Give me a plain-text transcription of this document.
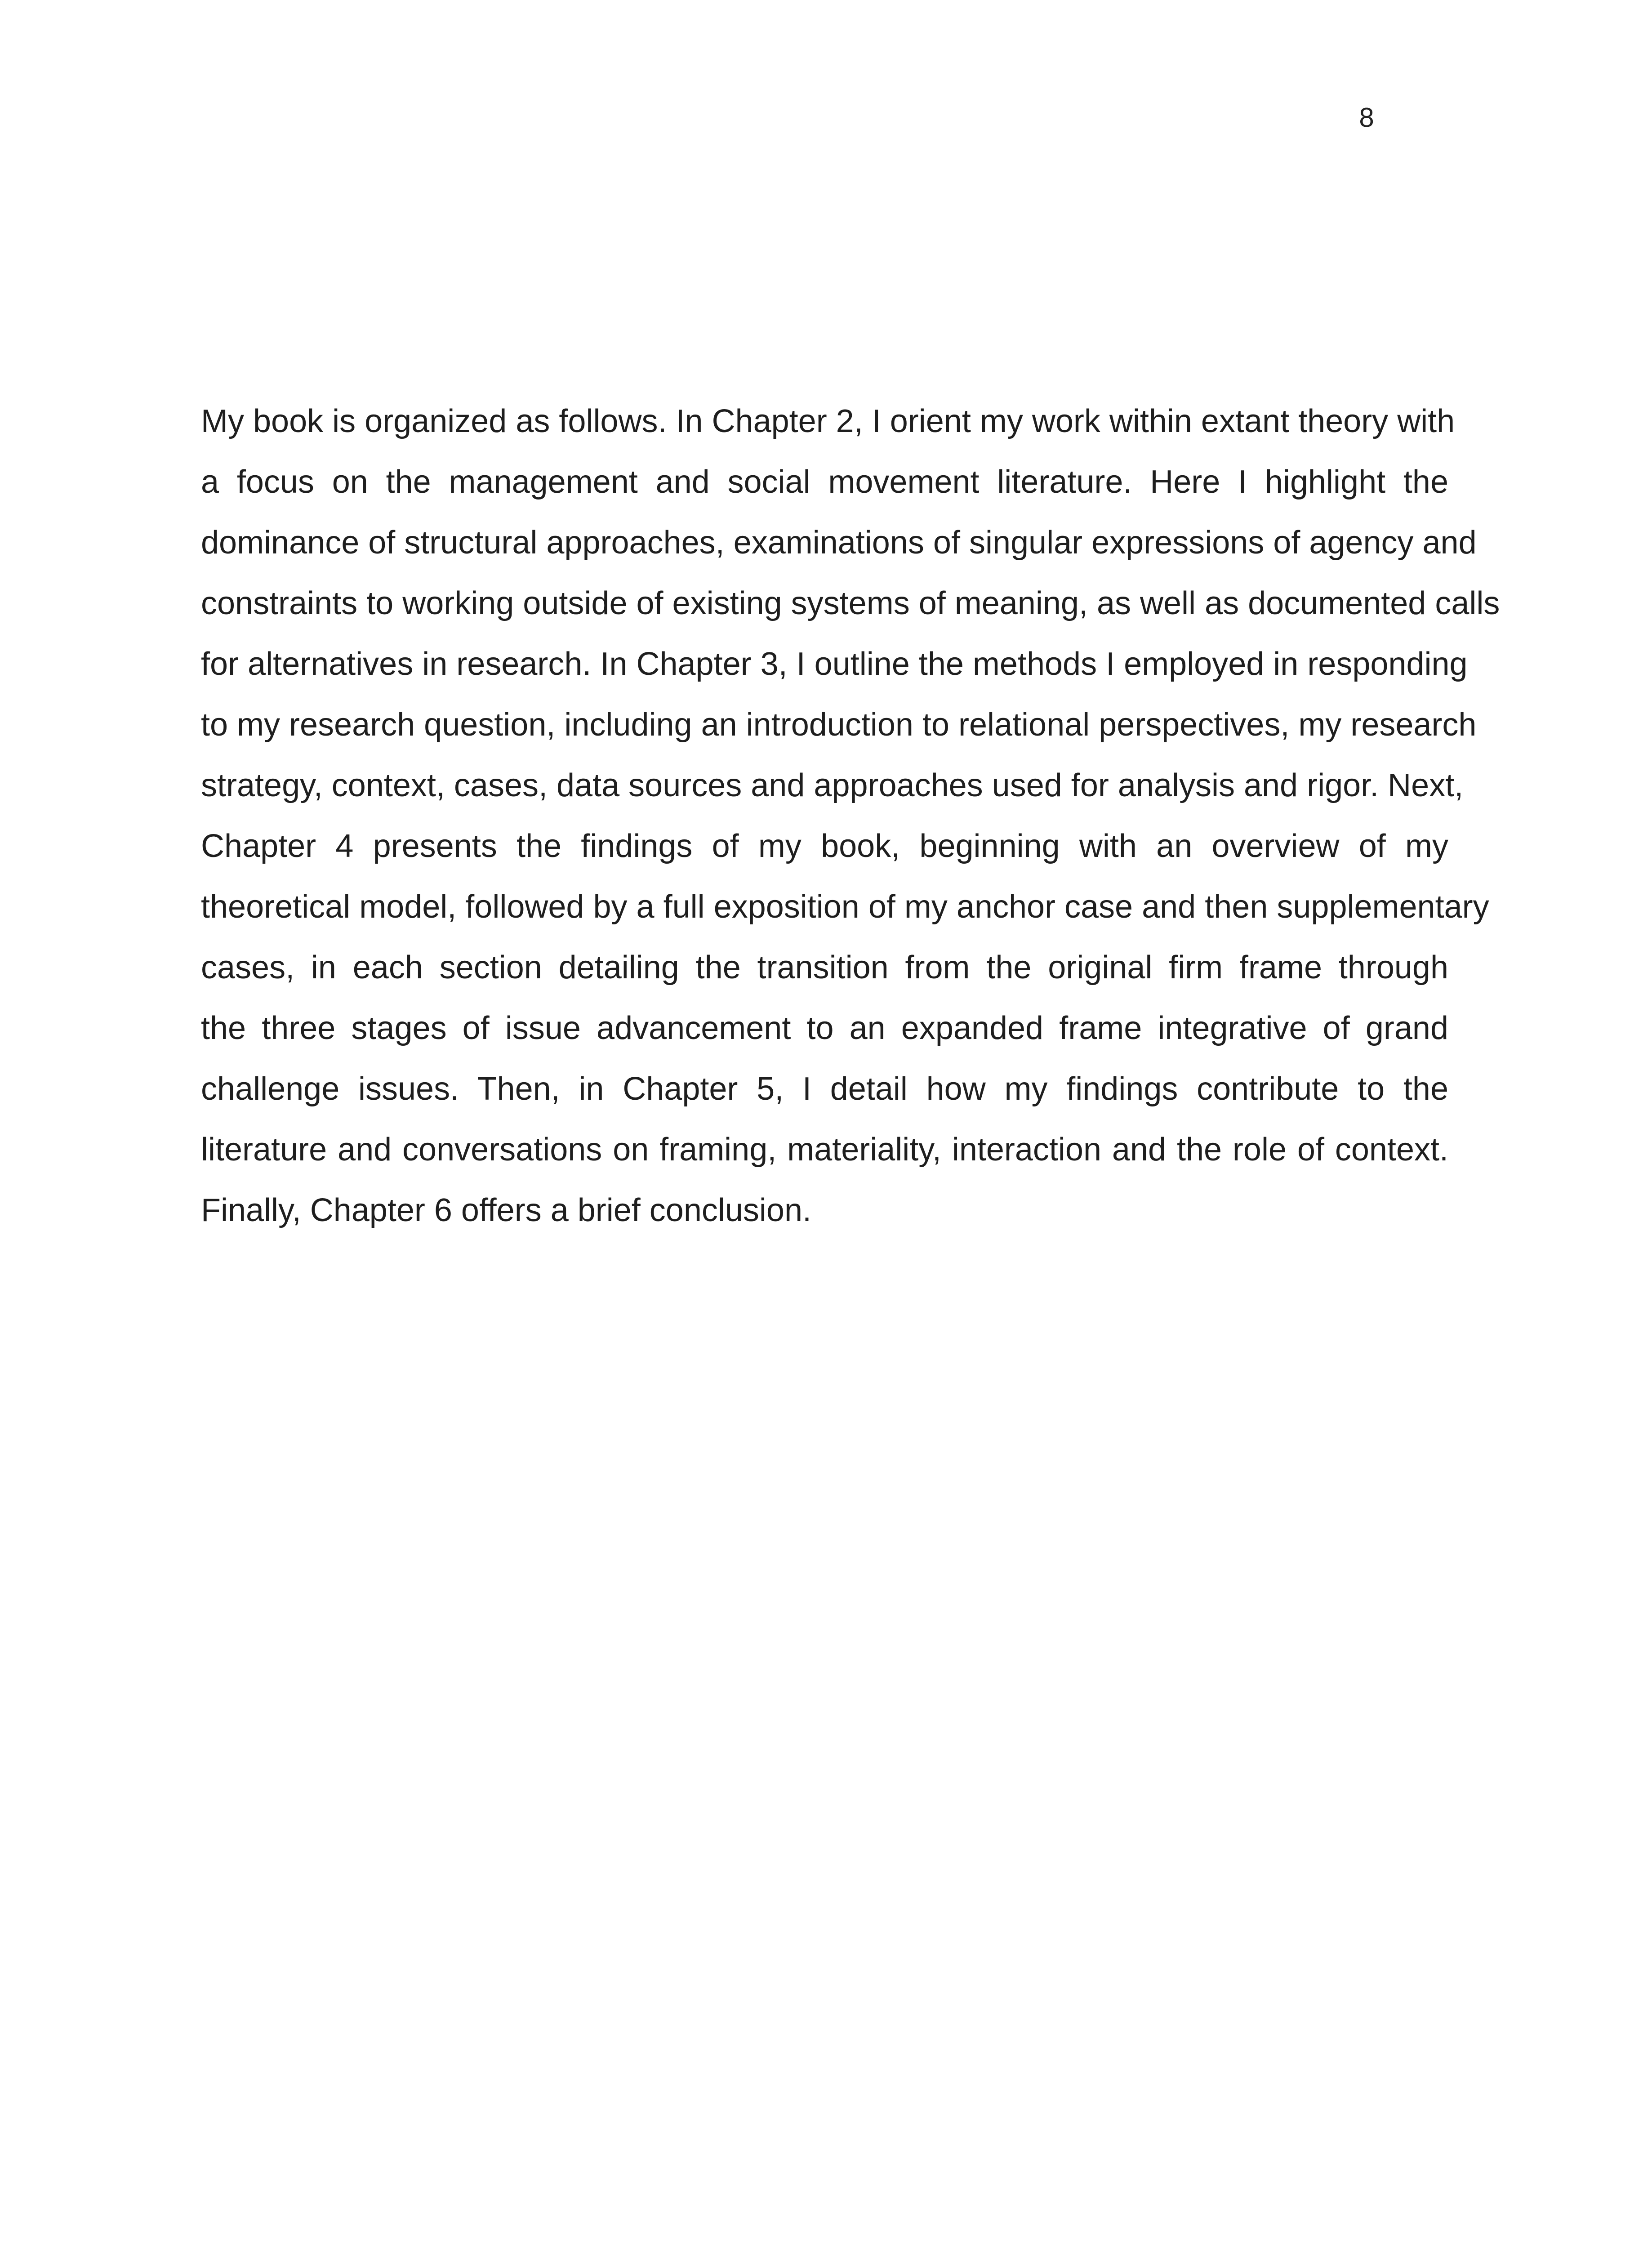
8

My book is organized as follows. In Chapter 2, I orient my work within extant theory with
a focus on the management and social movement literature. Here I highlight the
dominance of structural approaches, examinations of singular expressions of agency and
constraints to working outside of existing systems of meaning, as well as documented calls
for alternatives in research. In Chapter 3, I outline the methods I employed in responding
to my research question, including an introduction to relational perspectives, my research
strategy, context, cases, data sources and approaches used for analysis and rigor. Next,
Chapter 4 presents the findings of my book, beginning with an overview of my
theoretical model, followed by a full exposition of my anchor case and then supplementary
cases, in each section detailing the transition from the original firm frame through
the three stages of issue advancement to an expanded frame integrative of grand
challenge issues. Then, in Chapter 5, I detail how my findings contribute to the
literature and conversations on framing, materiality, interaction and the role of context.
Finally, Chapter 6 offers a brief conclusion.
